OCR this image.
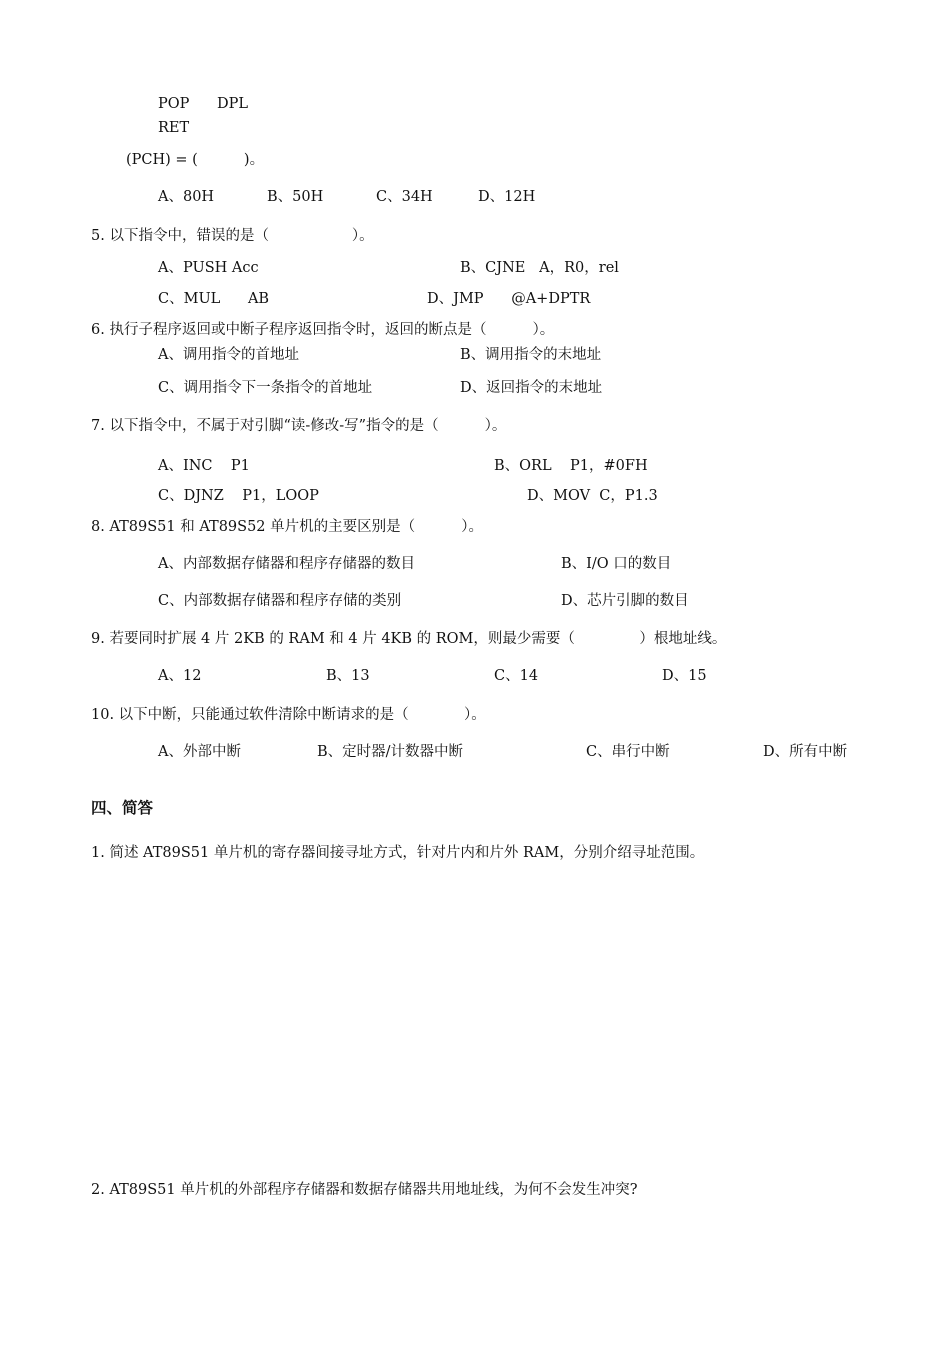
POP      DPL
RET
(PCH) = (          )。
A、80H	B、50H	C、34H	D、12H
5. 以下指令中，错误的是（                  ）。
A、PUSH Acc	B、CJNE   A，R0，rel
C、MUL      AB	D、JMP      @A+DPTR
6. 执行子程序返回或中断子程序返回指令时，返回的断点是（          ）。
A、调用指令的首地址	B、调用指令的末地址
C、调用指令下一条指令的首地址	D、返回指令的末地址
7. 以下指令中，不属于对引脚“读-修改-写”指令的是（          ）。
A、INC    P1	B、ORL    P1，#0FH
C、DJNZ    P1，LOOP	D、MOV  C，P1.3
8. AT89S51 和 AT89S52 单片机的主要区别是（          ）。
A、内部数据存储器和程序存储器的数目	B、I/O 口的数目
C、内部数据存储器和程序存储的类别	D、芯片引脚的数目
9. 若要同时扩展 4 片 2KB 的 RAM 和 4 片 4KB 的 ROM，则最少需要（              ）根地址线。
A、12	B、13	C、14	D、15
10. 以下中断，只能通过软件清除中断请求的是（            ）。
A、外部中断	B、定时器/计数器中断	C、串行中断	D、所有中断
四、简答
1. 简述 AT89S51 单片机的寄存器间接寻址方式，针对片内和片外 RAM，分别介绍寻址范围。
2. AT89S51 单片机的外部程序存储器和数据存储器共用地址线，为何不会发生冲突?
